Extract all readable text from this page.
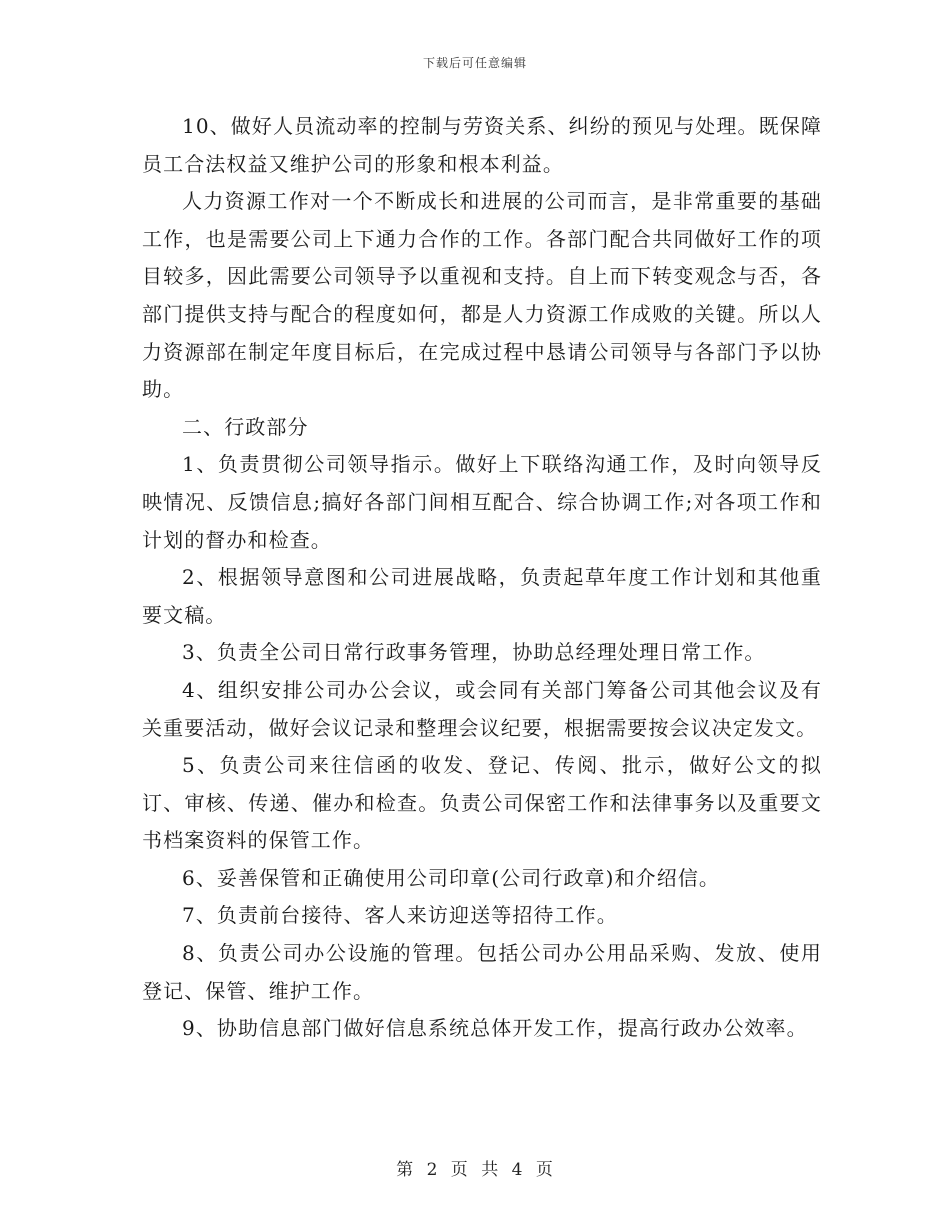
下载后可任意编辑

10、做好人员流动率的控制与劳资关系、纠纷的预见与处理。既保障员工合法权益又维护公司的形象和根本利益。

人力资源工作对一个不断成长和进展的公司而言，是非常重要的基础工作，也是需要公司上下通力合作的工作。各部门配合共同做好工作的项目较多，因此需要公司领导予以重视和支持。自上而下转变观念与否，各部门提供支持与配合的程度如何，都是人力资源工作成败的关键。所以人力资源部在制定年度目标后，在完成过程中恳请公司领导与各部门予以协助。

二、行政部分

1、负责贯彻公司领导指示。做好上下联络沟通工作，及时向领导反映情况、反馈信息;搞好各部门间相互配合、综合协调工作;对各项工作和计划的督办和检查。

2、根据领导意图和公司进展战略，负责起草年度工作计划和其他重要文稿。

3、负责全公司日常行政事务管理，协助总经理处理日常工作。

4、组织安排公司办公会议，或会同有关部门筹备公司其他会议及有关重要活动，做好会议记录和整理会议纪要，根据需要按会议决定发文。

5、负责公司来往信函的收发、登记、传阅、批示，做好公文的拟订、审核、传递、催办和检查。负责公司保密工作和法律事务以及重要文书档案资料的保管工作。

6、妥善保管和正确使用公司印章(公司行政章)和介绍信。

7、负责前台接待、客人来访迎送等招待工作。

8、负责公司办公设施的管理。包括公司办公用品采购、发放、使用登记、保管、维护工作。

9、协助信息部门做好信息系统总体开发工作，提高行政办公效率。

第 2 页 共 4 页
